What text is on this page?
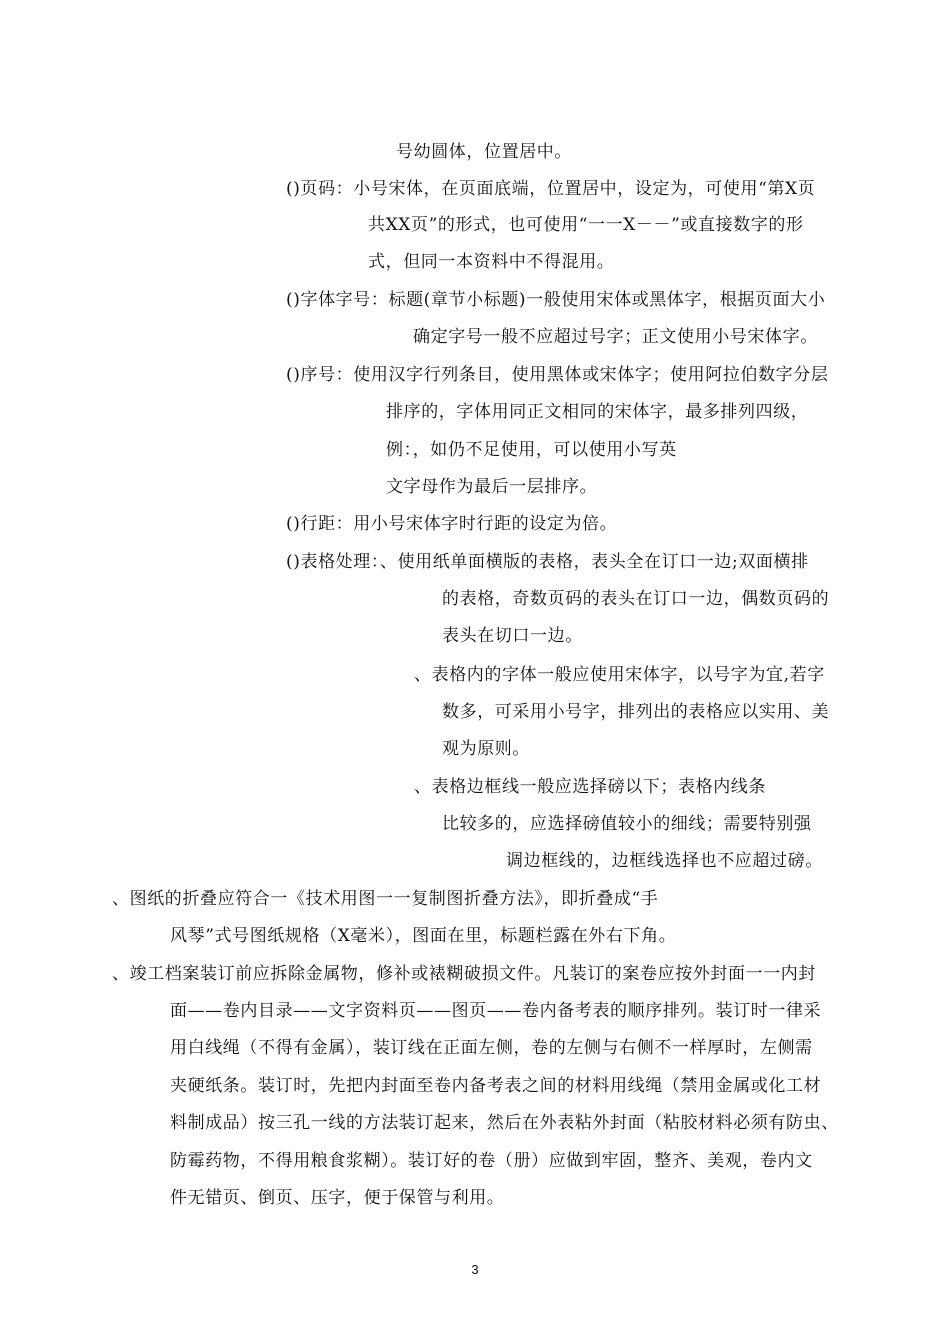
号幼圆体，位置居中。
()页码：小号宋体，在页面底端，位置居中，设定为，可使用“第X页
共XX页”的形式，也可使用“一一X－－”或直接数字的形
式，但同一本资料中不得混用。
()字体字号：标题(章节小标题)一般使用宋体或黑体字，根据页面大小
确定字号一般不应超过号字；正文使用小号宋体字。
()序号：使用汉字行列条目，使用黑体或宋体字；使用阿拉伯数字分层
排序的，字体用同正文相同的宋体字，最多排列四级，
例：，如仍不足使用，可以使用小写英
文字母作为最后一层排序。
()行距：用小号宋体字时行距的设定为倍。
()表格处理：、使用纸单面横版的表格，表头全在订口一边;双面横排
的表格，奇数页码的表头在订口一边，偶数页码的
表头在切口一边。
、表格内的字体一般应使用宋体字，以号字为宜,若字
数多，可采用小号字，排列出的表格应以实用、美
观为原则。
、表格边框线一般应选择磅以下；表格内线条
比较多的，应选择磅值较小的细线；需要特别强
调边框线的，边框线选择也不应超过磅。
、图纸的折叠应符合一《技术用图一一复制图折叠方法》，即折叠成“手
风琴”式号图纸规格（X毫米），图面在里，标题栏露在外右下角。
、竣工档案装订前应拆除金属物，修补或裱糊破损文件。凡装订的案卷应按外封面一一内封
面——卷内目录——文字资料页——图页——卷内备考表的顺序排列。装订时一律采
用白线绳（不得有金属），装订线在正面左侧，卷的左侧与右侧不一样厚时，左侧需
夹硬纸条。装订时，先把内封面至卷内备考表之间的材料用线绳（禁用金属或化工材
料制成品）按三孔一线的方法装订起来，然后在外表粘外封面（粘胶材料必须有防虫、
防霉药物，不得用粮食浆糊）。装订好的卷（册）应做到牢固，整齐、美观，卷内文
件无错页、倒页、压字，便于保管与利用。
3
